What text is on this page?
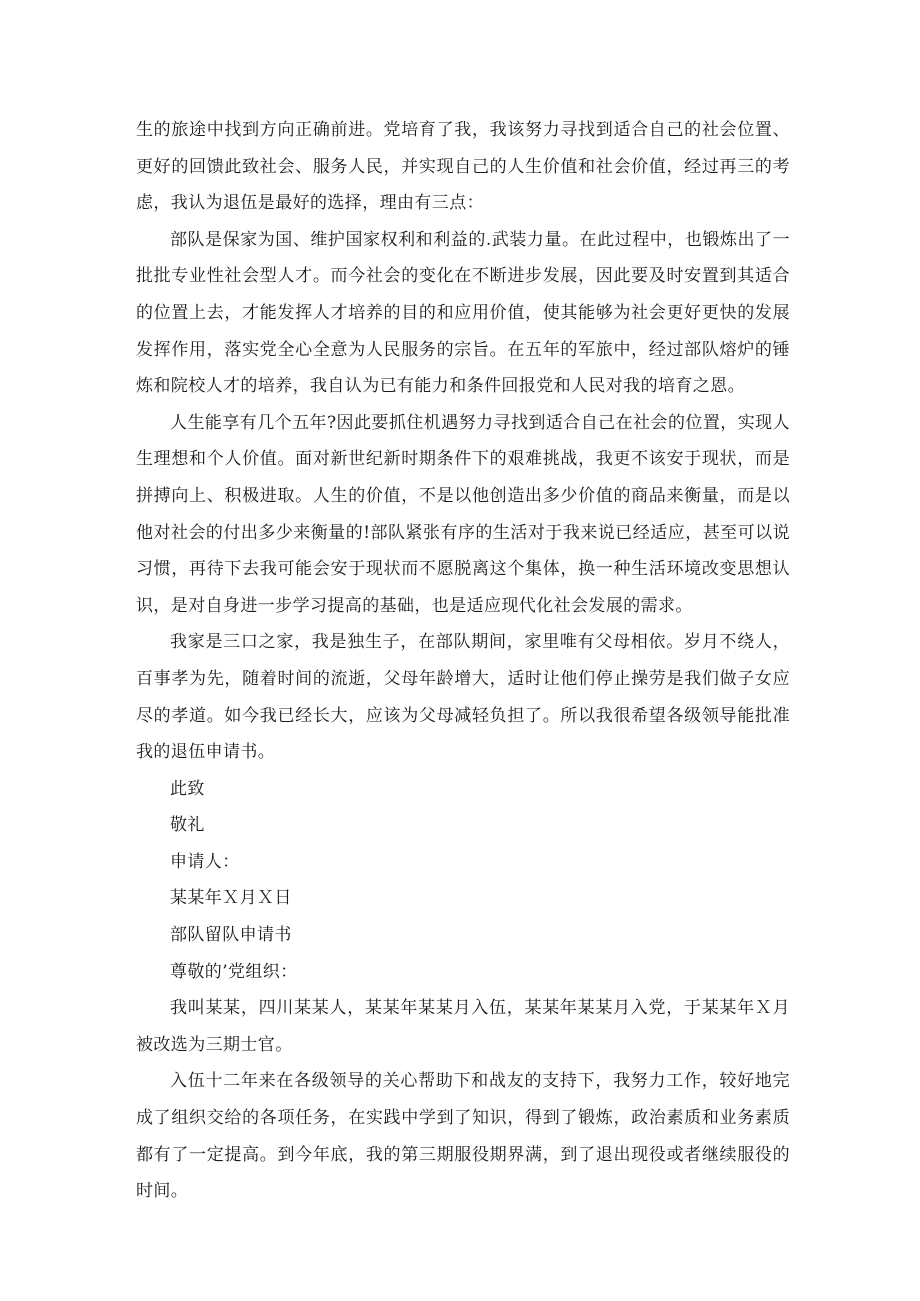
生的旅途中找到方向正确前进。党培育了我，我该努力寻找到适合自己的社会位置、更好的回馈此致社会、服务人民，并实现自己的人生价值和社会价值，经过再三的考虑，我认为退伍是最好的选择，理由有三点：

部队是保家为国、维护国家权利和利益的.武装力量。在此过程中，也锻炼出了一批批专业性社会型人才。而今社会的变化在不断进步发展，因此要及时安置到其适合的位置上去，才能发挥人才培养的目的和应用价值，使其能够为社会更好更快的发展发挥作用，落实党全心全意为人民服务的宗旨。在五年的军旅中，经过部队熔炉的锤炼和院校人才的培养，我自认为已有能力和条件回报党和人民对我的培育之恩。

人生能享有几个五年?因此要抓住机遇努力寻找到适合自己在社会的位置，实现人生理想和个人价值。面对新世纪新时期条件下的艰难挑战，我更不该安于现状，而是拼搏向上、积极进取。人生的价值，不是以他创造出多少价值的商品来衡量，而是以他对社会的付出多少来衡量的!部队紧张有序的生活对于我来说已经适应，甚至可以说习惯，再待下去我可能会安于现状而不愿脱离这个集体，换一种生活环境改变思想认识，是对自身进一步学习提高的基础，也是适应现代化社会发展的需求。

我家是三口之家，我是独生子，在部队期间，家里唯有父母相依。岁月不绕人，百事孝为先，随着时间的流逝，父母年龄增大，适时让他们停止操劳是我们做子女应尽的孝道。如今我已经长大，应该为父母减轻负担了。所以我很希望各级领导能批准我的退伍申请书。

此致

敬礼

申请人：

某某年Ｘ月Ｘ日

部队留队申请书

尊敬的’党组织：

我叫某某，四川某某人，某某年某某月入伍，某某年某某月入党，于某某年Ｘ月被改选为三期士官。

入伍十二年来在各级领导的关心帮助下和战友的支持下，我努力工作，较好地完成了组织交给的各项任务，在实践中学到了知识，得到了锻炼，政治素质和业务素质都有了一定提高。到今年底，我的第三期服役期界满，到了退出现役或者继续服役的时间。
